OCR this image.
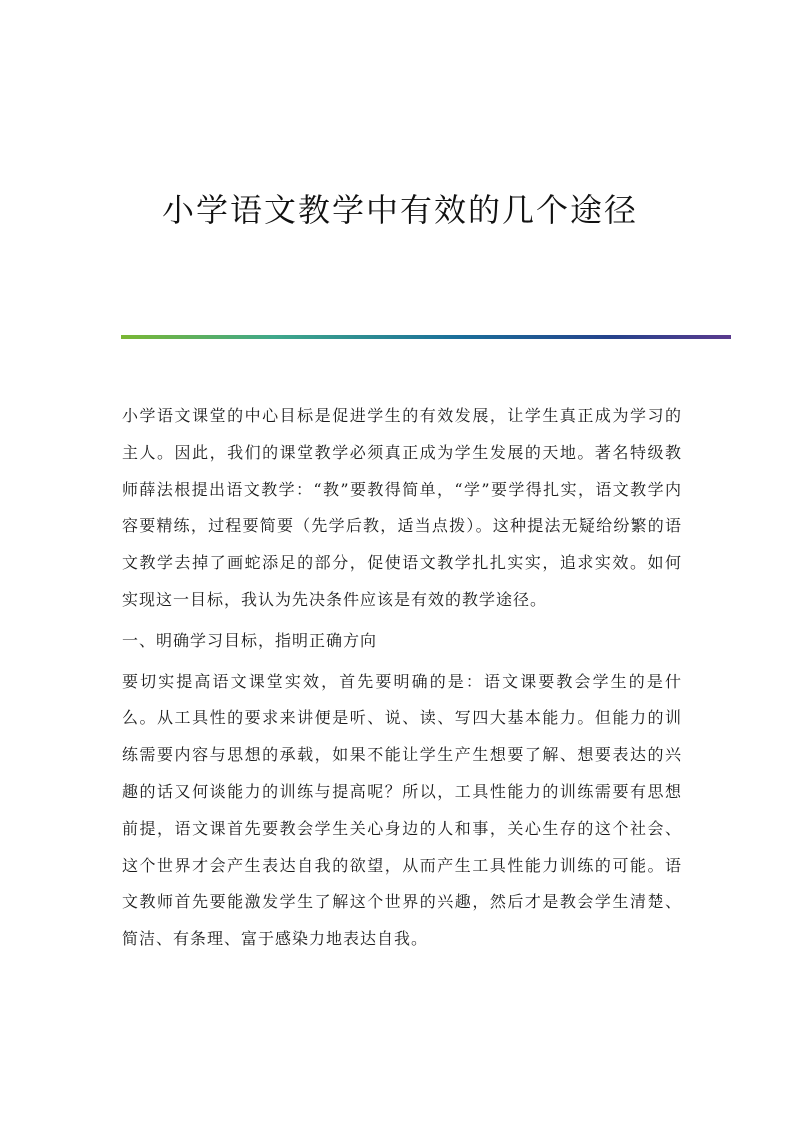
小学语文教学中有效的几个途径

小学语文课堂的中心目标是促进学生的有效发展，让学生真正成为学习的主人。因此，我们的课堂教学必须真正成为学生发展的天地。著名特级教师薛法根提出语文教学：“教”要教得简单，“学”要学得扎实，语文教学内容要精练，过程要简要（先学后教，适当点拨）。这种提法无疑给纷繁的语文教学去掉了画蛇添足的部分，促使语文教学扎扎实实，追求实效。如何实现这一目标，我认为先决条件应该是有效的教学途径。

一、明确学习目标，指明正确方向

要切实提高语文课堂实效，首先要明确的是：语文课要教会学生的是什么。从工具性的要求来讲便是听、说、读、写四大基本能力。但能力的训练需要内容与思想的承载，如果不能让学生产生想要了解、想要表达的兴趣的话又何谈能力的训练与提高呢？所以，工具性能力的训练需要有思想前提，语文课首先要教会学生关心身边的人和事，关心生存的这个社会、这个世界才会产生表达自我的欲望，从而产生工具性能力训练的可能。语文教师首先要能激发学生了解这个世界的兴趣，然后才是教会学生清楚、简洁、有条理、富于感染力地表达自我。
